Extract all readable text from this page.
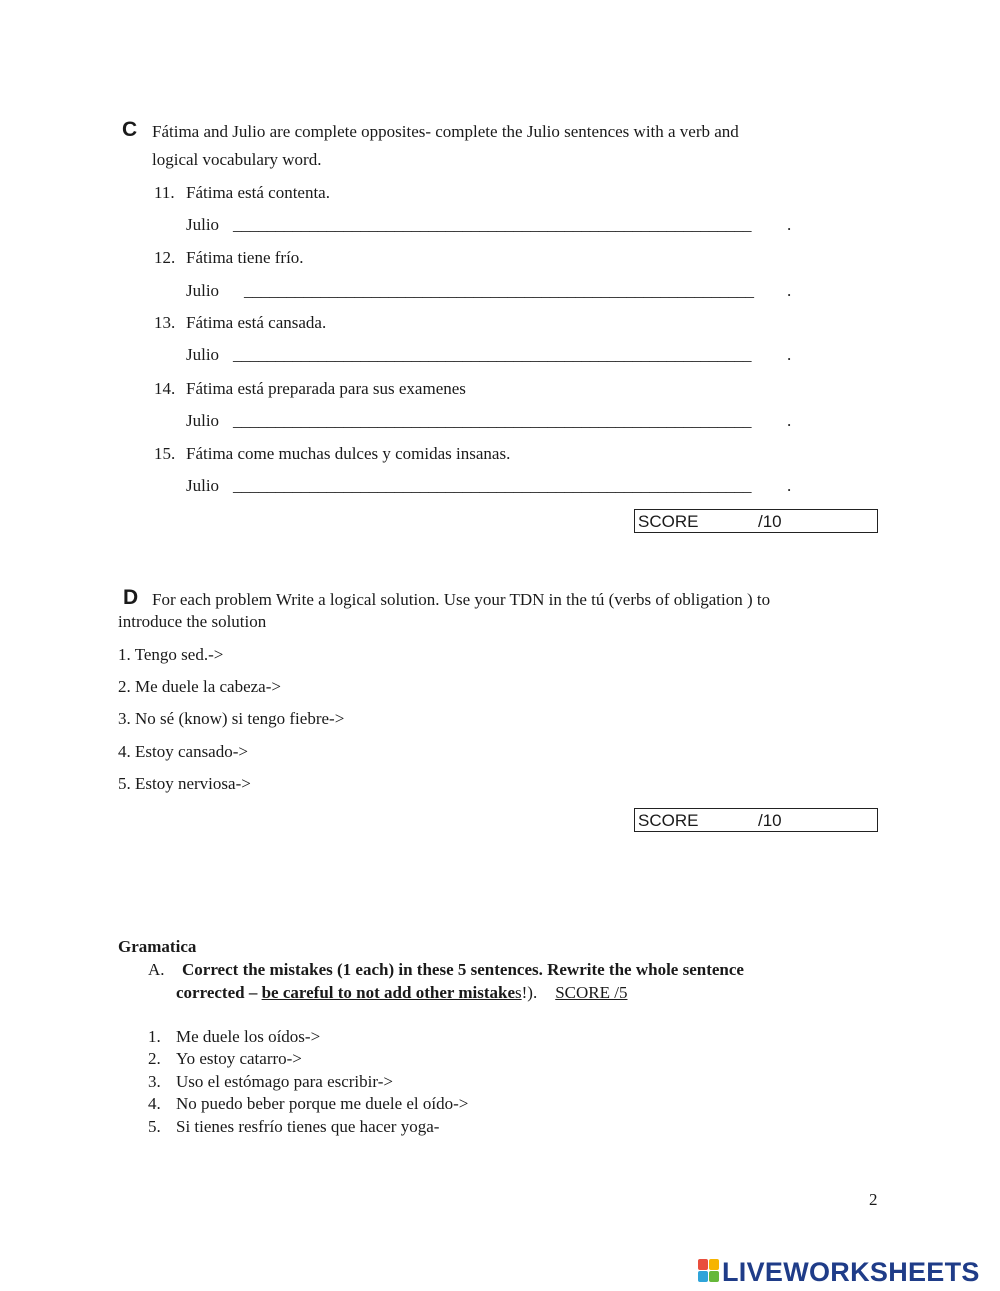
C Fátima and Julio are complete opposites- complete the Julio sentences with a verb and
logical vocabulary word.
11. Fátima está contenta.
Julio _____________________________________________________________ .
12. Fátima tiene frío.
Julio ____________________________________________________________ .
13. Fátima está cansada.
Julio _____________________________________________________________ .
14. Fátima está preparada para sus examenes
Julio _____________________________________________________________ .
15. Fátima come muchas dulces y comidas insanas.
Julio _____________________________________________________________ .
SCORE	/10
D For each problem Write a logical solution. Use your TDN in the tú (verbs of obligation ) to
introduce the solution
1. Tengo sed.->
2. Me duele la cabeza->
3. No sé (know) si tengo fiebre->
4. Estoy cansado->
5. Estoy nerviosa->
SCORE	/10
Gramatica
A. Correct the mistakes (1 each) in these 5 sentences. Rewrite the whole sentence
corrected – be careful to not add other mistakes!). SCORE /5
1. Me duele los oídos->
2. Yo estoy catarro->
3. Uso el estómago para escribir->
4. No puedo beber porque me duele el oído->
5. Si tienes resfrío tienes que hacer yoga-
2
LIVEWORKSHEETS
